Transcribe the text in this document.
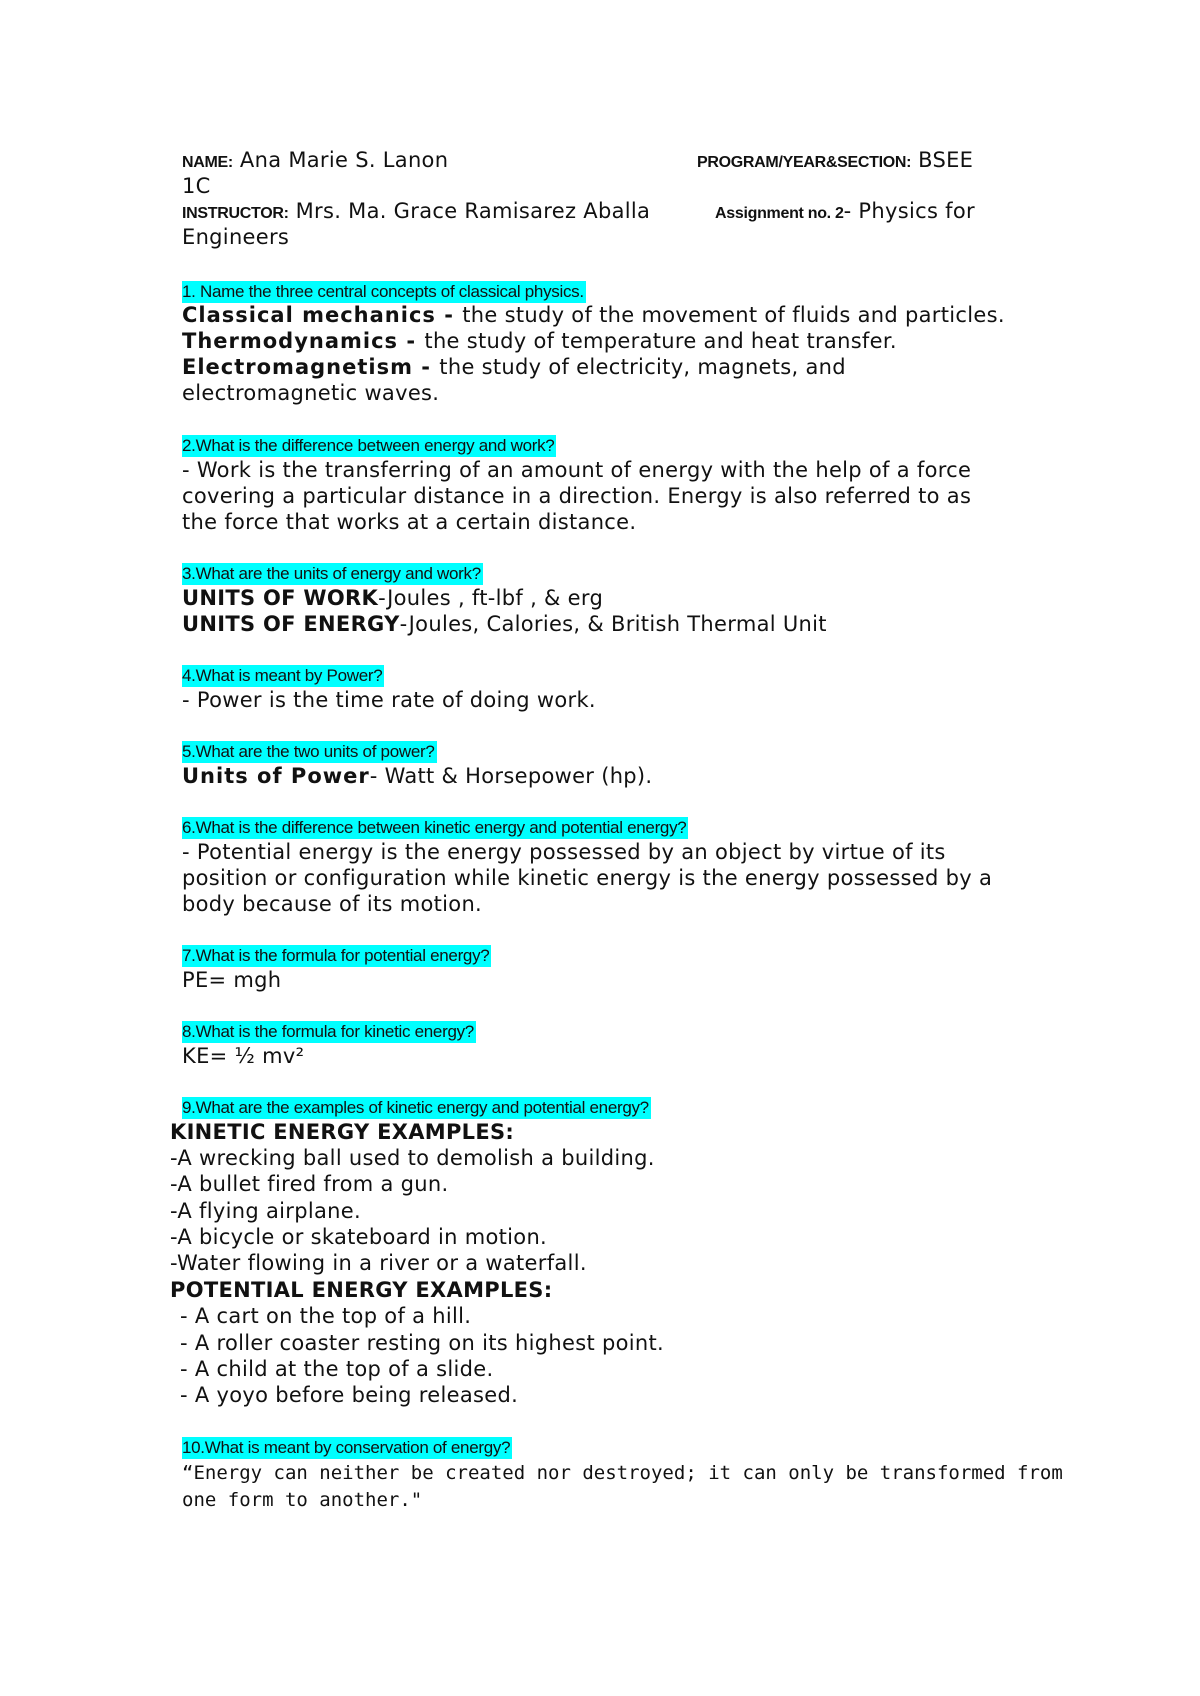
NAME: Ana Marie S. Lanon	PROGRAM/YEAR&SECTION: BSEE
1C
INSTRUCTOR: Mrs. Ma. Grace Ramisarez Aballa	Assignment no. 2- Physics for
Engineers
1. Name the three central concepts of classical physics.
Classical mechanics - the study of the movement of fluids and particles.
Thermodynamics - the study of temperature and heat transfer.
Electromagnetism - the study of electricity, magnets, and
electromagnetic waves.
2.What is the difference between energy and work?
- Work is the transferring of an amount of energy with the help of a force
covering a particular distance in a direction. Energy is also referred to as
the force that works at a certain distance.
3.What are the units of energy and work?
UNITS OF WORK-Joules , ft-lbf , & erg
UNITS OF ENERGY-Joules, Calories, & British Thermal Unit
4.What is meant by Power?
- Power is the time rate of doing work.
5.What are the two units of power?
Units of Power- Watt & Horsepower (hp).
6.What is the difference between kinetic energy and potential energy?
- Potential energy is the energy possessed by an object by virtue of its
position or configuration while kinetic energy is the energy possessed by a
body because of its motion.
7.What is the formula for potential energy?
PE= mgh
8.What is the formula for kinetic energy?
KE= ½ mv²
9.What are the examples of kinetic energy and potential energy?
KINETIC ENERGY EXAMPLES:
-A wrecking ball used to demolish a building.
-A bullet fired from a gun.
-A flying airplane.
-A bicycle or skateboard in motion.
-Water flowing in a river or a waterfall.
POTENTIAL ENERGY EXAMPLES:
- A cart on the top of a hill.
- A roller coaster resting on its highest point.
- A child at the top of a slide.
- A yoyo before being released.
10.What is meant by conservation of energy?
“Energy can neither be created nor destroyed; it can only be transformed from
one form to another."
